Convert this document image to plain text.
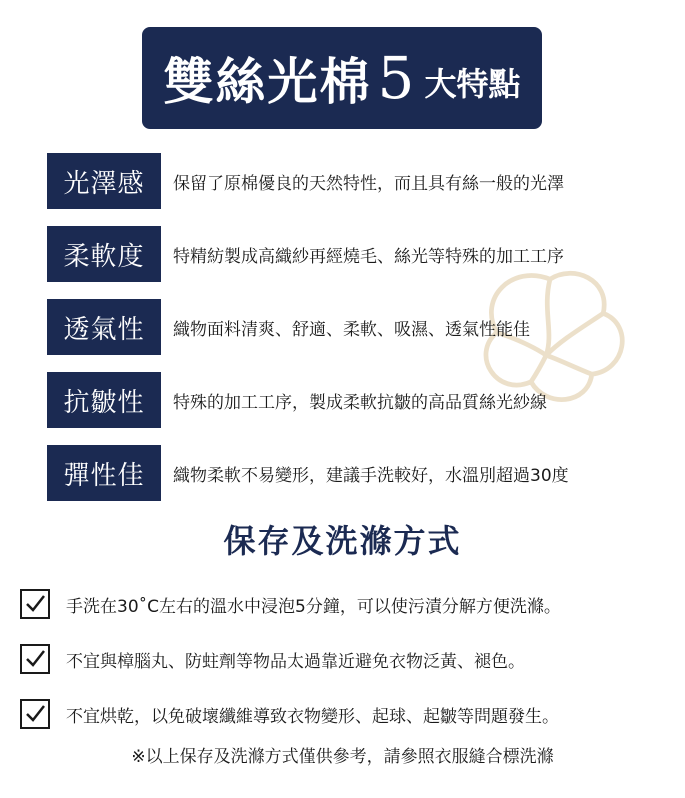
雙絲光棉 5 大特點
光澤感	保留了原棉優良的天然特性，而且具有絲一般的光澤
柔軟度	特精紡製成高織紗再經燒毛、絲光等特殊的加工工序
透氣性	織物面料清爽、舒適、柔軟、吸濕、透氣性能佳
抗皺性	特殊的加工工序，製成柔軟抗皺的高品質絲光紗線
彈性佳	織物柔軟不易變形，建議手洗較好，水溫別超過30度
保存及洗滌方式
手洗在30˚C左右的溫水中浸泡5分鐘，可以使污漬分解方便洗滌。
不宜與樟腦丸、防蛀劑等物品太過靠近避免衣物泛黃、褪色。
不宜烘乾，以免破壞纖維導致衣物變形、起球、起皺等問題發生。
※以上保存及洗滌方式僅供參考，請參照衣服縫合標洗滌
